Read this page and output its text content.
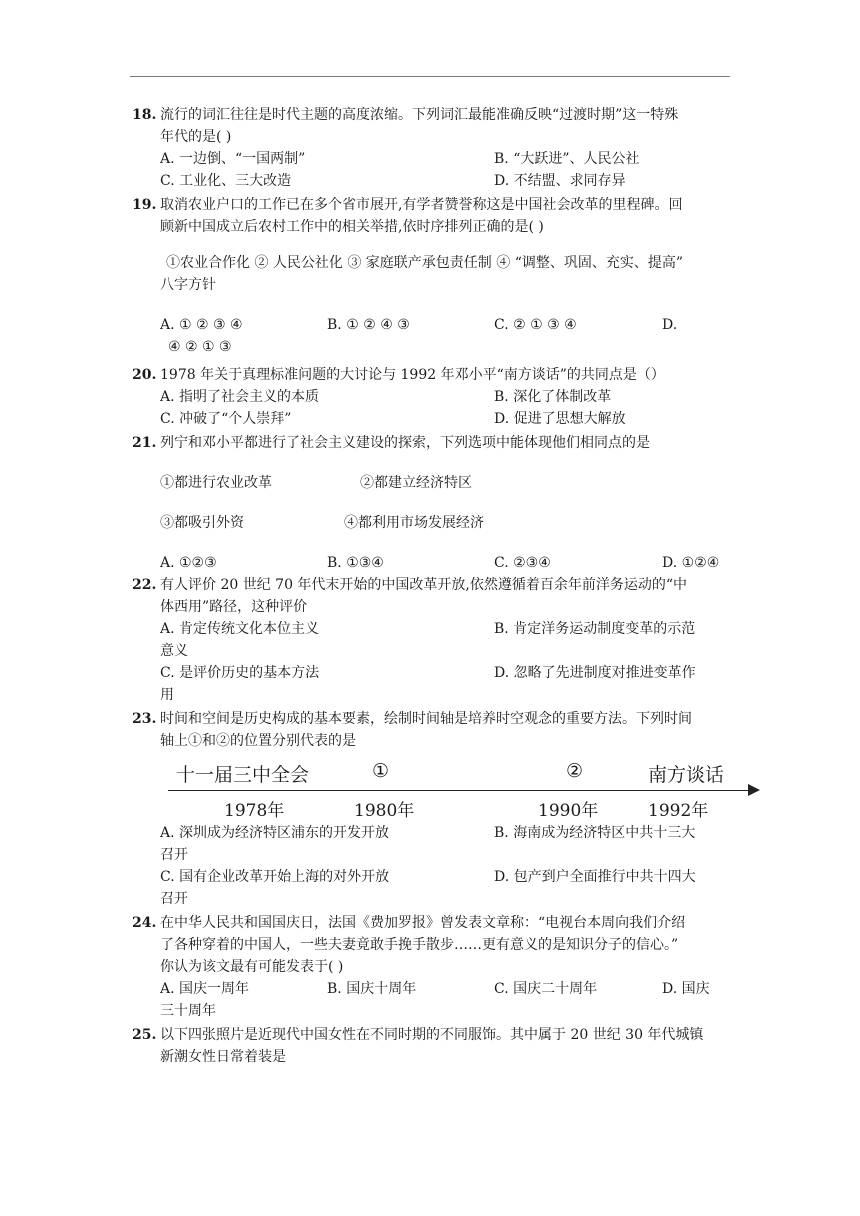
18. 流行的词汇往往是时代主题的高度浓缩。下列词汇最能准确反映“过渡时期”这一特殊
年代的是( )
A. 一边倒、“一国两制”	B. “大跃进”、人民公社
C. 工业化、三大改造	D. 不结盟、求同存异
19. 取消农业户口的工作已在多个省市展开,有学者赞誉称这是中国社会改革的里程碑。回
顾新中国成立后农村工作中的相关举措,依时序排列正确的是( )
①农业合作化 ② 人民公社化 ③ 家庭联产承包责任制 ④ “调整、巩固、充实、提高”
八字方针
A. ① ② ③ ④	B. ① ② ④ ③	C. ② ① ③ ④	D.
④ ② ① ③
20. 1978 年关于真理标准问题的大讨论与 1992 年邓小平“南方谈话”的共同点是（）
A. 指明了社会主义的本质	B. 深化了体制改革
C. 冲破了“个人崇拜”	D. 促进了思想大解放
21. 列宁和邓小平都进行了社会主义建设的探索，下列选项中能体现他们相同点的是
①都进行农业改革	②都建立经济特区
③都吸引外资	④都利用市场发展经济
A. ①②③	B. ①③④	C. ②③④	D. ①②④
22. 有人评价 20 世纪 70 年代末开始的中国改革开放,依然遵循着百余年前洋务运动的“中
体西用”路径，这种评价
A. 肯定传统文化本位主义	B. 肯定洋务运动制度变革的示范
意义
C. 是评价历史的基本方法	D. 忽略了先进制度对推进变革作
用
23. 时间和空间是历史构成的基本要素，绘制时间轴是培养时空观念的重要方法。下列时间
轴上①和②的位置分别代表的是
十一届三中全会	①	②	南方谈话
1978年	1980年	1990年	1992年
A. 深圳成为经济特区浦东的开发开放	B. 海南成为经济特区中共十三大
召开
C. 国有企业改革开始上海的对外开放	D. 包产到户全面推行中共十四大
召开
24. 在中华人民共和国国庆日，法国《费加罗报》曾发表文章称：“电视台本周向我们介绍
了各种穿着的中国人，一些夫妻竟敢手挽手散步……更有意义的是知识分子的信心。”
你认为该文最有可能发表于( )
A. 国庆一周年	B. 国庆十周年	C. 国庆二十周年	D. 国庆
三十周年
25. 以下四张照片是近现代中国女性在不同时期的不同服饰。其中属于 20 世纪 30 年代城镇
新潮女性日常着装是
